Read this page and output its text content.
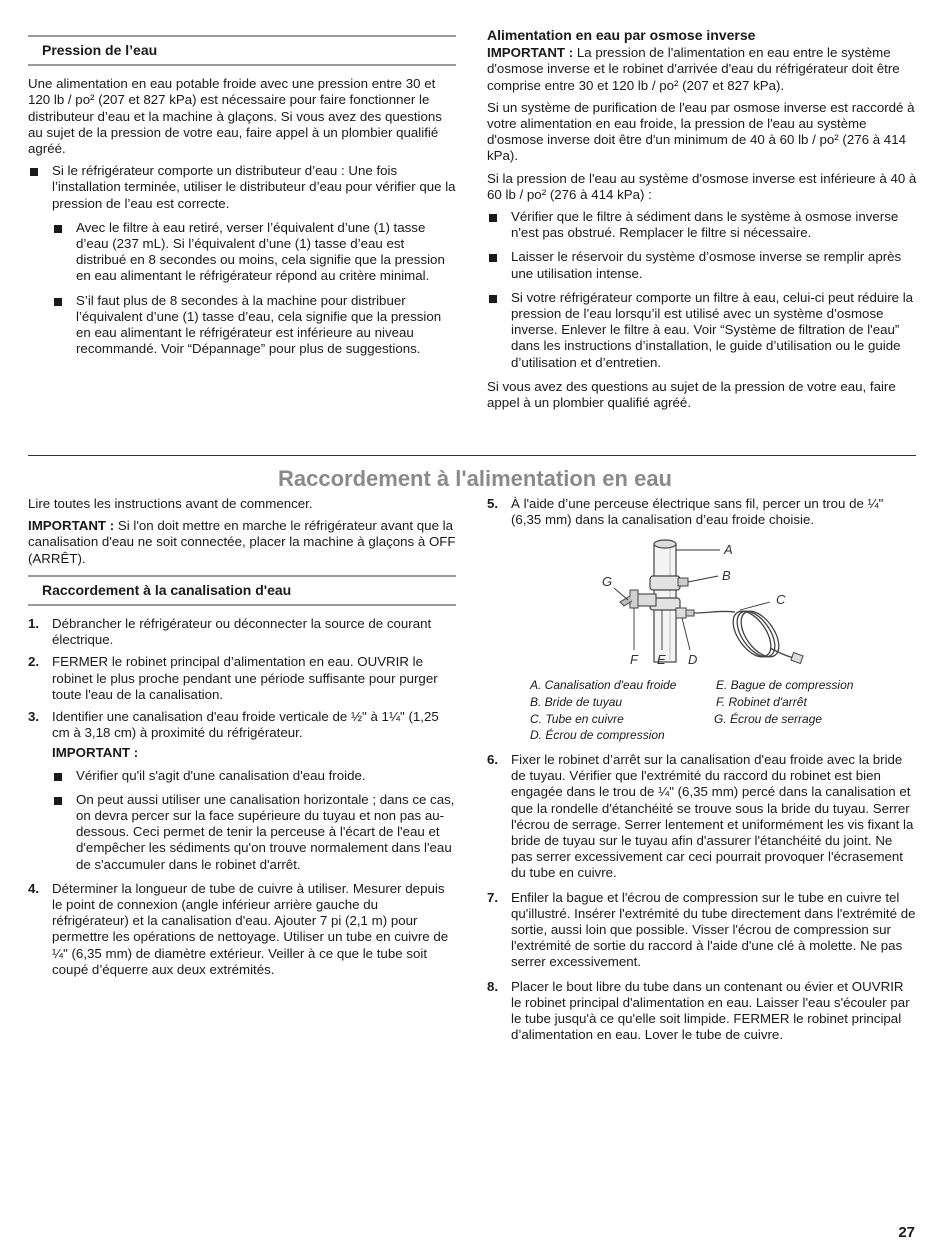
Pression de l’eau

Une alimentation en eau potable froide avec une pression entre 30 et 120 lb / po² (207 et 827 kPa) est nécessaire pour faire fonctionner le distributeur d’eau et la machine à glaçons. Si vous avez des questions au sujet de la pression de votre eau, faire appel à un plombier qualifié agréé.

Si le réfrigérateur comporte un distributeur d’eau : Une fois l’installation terminée, utiliser le distributeur d’eau pour vérifier que la pression de l’eau est correcte.
Avec le filtre à eau retiré, verser l’équivalent d’une (1) tasse d’eau (237 mL). Si l’équivalent d’une (1) tasse d’eau est distribué en 8 secondes ou moins, cela signifie que la pression en eau alimentant le réfrigérateur répond au critère minimal.
S’il faut plus de 8 secondes à la machine pour distribuer l’équivalent d’une (1) tasse d’eau, cela signifie que la pression en eau alimentant le réfrigérateur est inférieure au niveau recommandé. Voir “Dépannage” pour plus de suggestions.
Alimentation en eau par osmose inverse

IMPORTANT : La pression de l'alimentation en eau entre le système d'osmose inverse et le robinet d'arrivée d'eau du réfrigérateur doit être comprise entre 30 et 120 lb / po² (207 et 827 kPa).

Si un système de purification de l'eau par osmose inverse est raccordé à votre alimentation en eau froide, la pression de l'eau au système d'osmose inverse doit être d'un minimum de 40 à 60 lb / po² (276 à 414 kPa).

Si la pression de l'eau au système d'osmose inverse est inférieure à 40 à 60 lb / po² (276 à 414 kPa) :

Vérifier que le filtre à sédiment dans le système à osmose inverse n'est pas obstrué. Remplacer le filtre si nécessaire.
Laisser le réservoir du système d’osmose inverse se remplir après une utilisation intense.
Si votre réfrigérateur comporte un filtre à eau, celui-ci peut réduire la pression de l’eau lorsqu’il est utilisé avec un système d’osmose inverse. Enlever le filtre à eau. Voir “Système de filtration de l'eau” dans les instructions d’installation, le guide d’utilisation ou le guide d’utilisation et d’entretien.

Si vous avez des questions au sujet de la pression de votre eau, faire appel à un plombier qualifié agréé.

Raccordement à l'alimentation en eau

Lire toutes les instructions avant de commencer.

IMPORTANT : Si l'on doit mettre en marche le réfrigérateur avant que la canalisation d'eau ne soit connectée, placer la machine à glaçons à OFF (ARRÊT).

Raccordement à la canalisation d'eau
1. Débrancher le réfrigérateur ou déconnecter la source de courant électrique.
2. FERMER le robinet principal d’alimentation en eau. OUVRIR le robinet le plus proche pendant une période suffisante pour purger toute l'eau de la canalisation.
3. Identifier une canalisation d'eau froide verticale de ½" à 1¼" (1,25 cm à 3,18 cm) à proximité du réfrigérateur.
IMPORTANT :
Vérifier qu'il s'agit d'une canalisation d'eau froide.
On peut aussi utiliser une canalisation horizontale ; dans ce cas, on devra percer sur la face supérieure du tuyau et non pas au-dessous. Ceci permet de tenir la perceuse à l'écart de l'eau et d'empêcher les sédiments qu'on trouve normalement dans l'eau de s'accumuler dans le robinet d'arrêt.
4. Déterminer la longueur de tube de cuivre à utiliser. Mesurer depuis le point de connexion (angle inférieur arrière gauche du réfrigérateur) et la canalisation d'eau. Ajouter 7 pi (2,1 m) pour permettre les opérations de nettoyage. Utiliser un tube en cuivre de ¼" (6,35 mm) de diamètre extérieur. Veiller à ce que le tube soit coupé d’équerre aux deux extrémités.
5. À l'aide d’une perceuse électrique sans fil, percer un trou de ¼" (6,35 mm) dans la canalisation d’eau froide choisie.
A
B
C
G
F E D
A. Canalisation d'eau froide
B. Bride de tuyau
C. Tube en cuivre
D. Écrou de compression
E. Bague de compression
F. Robinet d'arrêt
G. Écrou de serrage
6. Fixer le robinet d’arrêt sur la canalisation d'eau froide avec la bride de tuyau. Vérifier que l'extrémité du raccord du robinet est bien engagée dans le trou de ¼" (6,35 mm) percé dans la canalisation et que la rondelle d'étanchéité se trouve sous la bride du tuyau. Serrer l'écrou de serrage. Serrer lentement et uniformément les vis fixant la bride de tuyau sur le tuyau afin d'assurer l'étanchéité du joint. Ne pas serrer excessivement car ceci pourrait provoquer l'écrasement du tube en cuivre.
7. Enfiler la bague et l'écrou de compression sur le tube en cuivre tel qu'illustré. Insérer l'extrémité du tube directement dans l'extrémité de sortie, aussi loin que possible. Visser l'écrou de compression sur l'extrémité de sortie du raccord à l'aide d'une clé à molette. Ne pas serrer excessivement.
8. Placer le bout libre du tube dans un contenant ou évier et OUVRIR le robinet principal d'alimentation en eau. Laisser l'eau s'écouler par le tube jusqu'à ce qu'elle soit limpide. FERMER le robinet principal d’alimentation en eau. Lover le tube de cuivre.
27
